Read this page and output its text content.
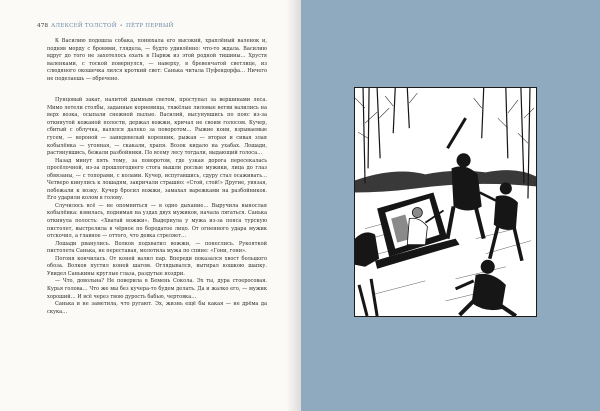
478 АЛЕКСЕЙ ТОЛСТОЙ • ПЁТР ПЕРВЫЙ

К Василию подошла собака, понюхала его высокий, храплёный валенок и, подняв морду с бровями, глядела, — будто удивлённо: что-то ждала. Василию вдруг до того не захотелось ехать в Париж из этой родной тишины… Хрустя валенками, с тоской повернулся, — наверху, в бревенчатой светлице, из слюдяного окошечка лился кроткий свет: Санька читала Пуфендорфа… Ничего не поделаешь — обречено.

Пунцовый закат, налитой дымным светом, проступал за вершинами леса. Мимо летели столбы, заданные корневища, тяжёлые лиловые ветви валились на верх возка, осыпали снежной пылью. Василий, высунувшись по пояс из-за откинутой кожаной полости, держал вожжи, кричал не своим голосом. Кучер, сбитый с облучка, валялся далеко за поворотом… Рыжие кони, взрываемые гусем, — вороной — заиндевелый коренник, рыжая — вторая и сивая злая кобылёнка — угонная, — скакали, храпя. Возок кидало на ухабах. Лошади, растянувшись, бежали разбойники. По всему лесу тогдали, выдающий голоса…

Назад минут пять тому, за поворотом, где узкая дорога пересекалась просёлочной, из-за прошлогоднего стога вышли рослые мужики, лица до глаз обвязаны, — с топорами, с колами. Кучер, испугавшись, сдуру стал осаживать… Четверо кинулись к лошадям, закричали страшно: «Стой, стой!» Другие, увязая, побежали к возку. Кучер бросил вожжи, замахал варежками на разбойников. Его ударили колом в голову.

Случилось всё — не опомниться — в одно дыхание… Выручила вынослая кобылёнка: взвилась, поднимая на уздах двух мужиков, начала лягаться. Санька откинула полость: «Хватай вожжи». Выдернула у мужа из-за пояса турскую пистолет, выстрелила в чёрное по бородатое лицо. От огненного удара мужик отскочил, а главное — оттого, что девка стреляет…

Лошади рванулись. Волков подхватил вожжи, — понеслись. Рукояткой пистолета Санька, не переставая, молотила мужа по спине: «Гони, гони».

Погоня кончилась. От коней валил пар. Впереди показался хвост большого обоза. Волков пустил коней шагом. Оглядывался, вытирал кошкою шапку. Увидел Санькины круглые глаза, раздутые ноздри.

— Что, довольна? Не поверила в Бемень Сокола. Эх ты, дура стоеросовая. Курья голова… Что же мы без кучера-то будем делать. Да и жалко его, — мужик хороший… И всё через твою дурость бабью, чертовка…

Санька и не заметила, что ругают. Эх, жизнь ещё бы какая — не дрёма да скука…
